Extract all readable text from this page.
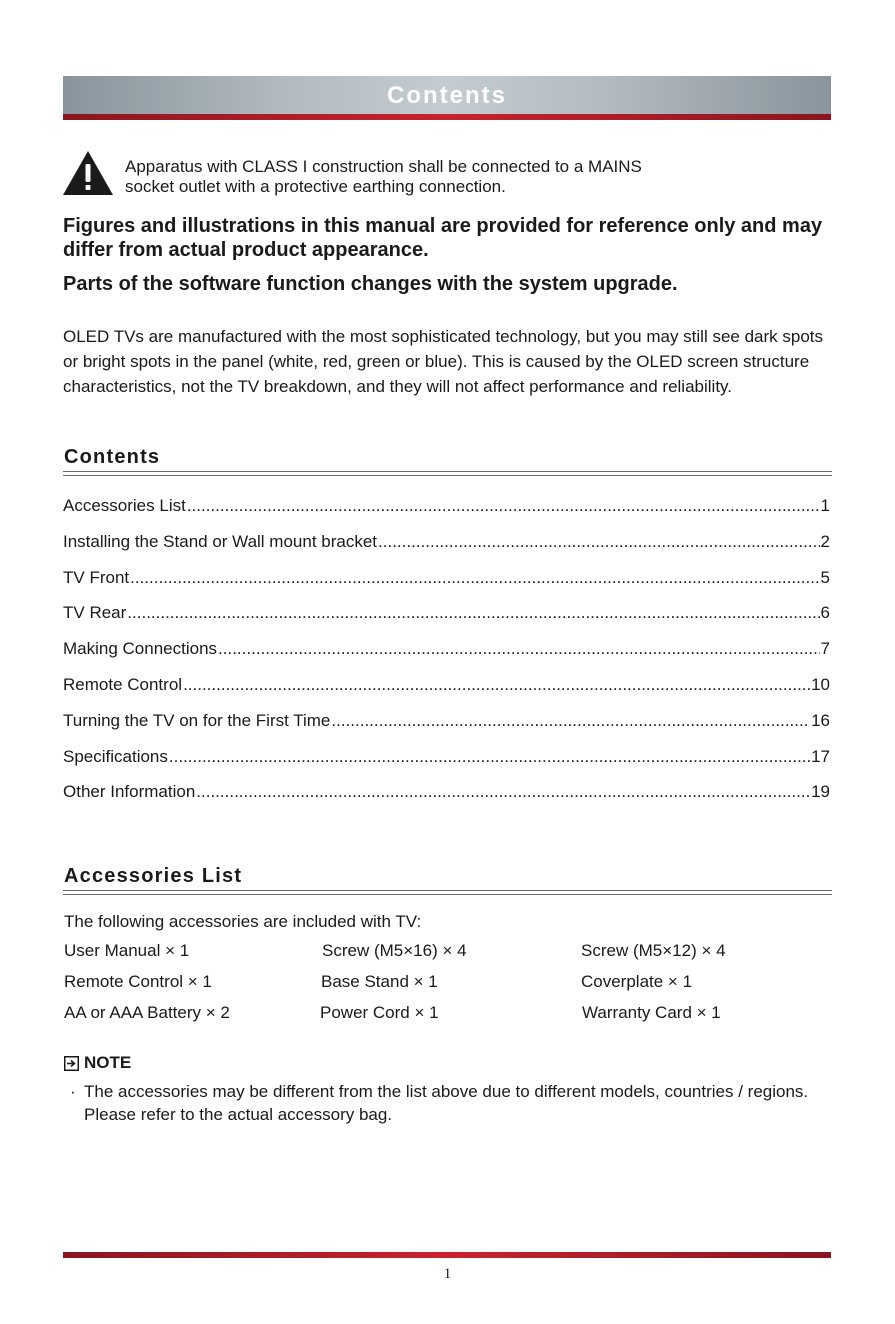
Contents
Apparatus with CLASS I construction shall be connected to a MAINS
socket outlet with a protective earthing connection.
Figures and illustrations in this manual are provided for reference only and may differ from actual product appearance.
Parts of the software function changes with the system upgrade.
OLED TVs are manufactured with the most sophisticated technology, but you may still see dark spots or bright spots in the panel (white, red, green or blue). This is caused by the OLED screen structure characteristics, not the TV breakdown, and they will not affect performance and reliability.
Contents
Accessories List .....	1
Installing the Stand or Wall mount bracket .....	2
TV Front .....	5
TV Rear .....	6
Making Connections .....	7
Remote Control .....	10
Turning the TV on for the First Time .....	16
Specifications .....	17
Other Information .....	19
Accessories List
The following accessories are included with TV:
User Manual × 1	Screw (M5×16) × 4	Screw (M5×12) × 4
Remote Control × 1	Base Stand × 1	Coverplate × 1
AA or AAA Battery × 2	Power Cord × 1	Warranty Card × 1
NOTE
· The accessories may be different from the list above due to different models, countries / regions. Please refer to the actual accessory bag.
1
